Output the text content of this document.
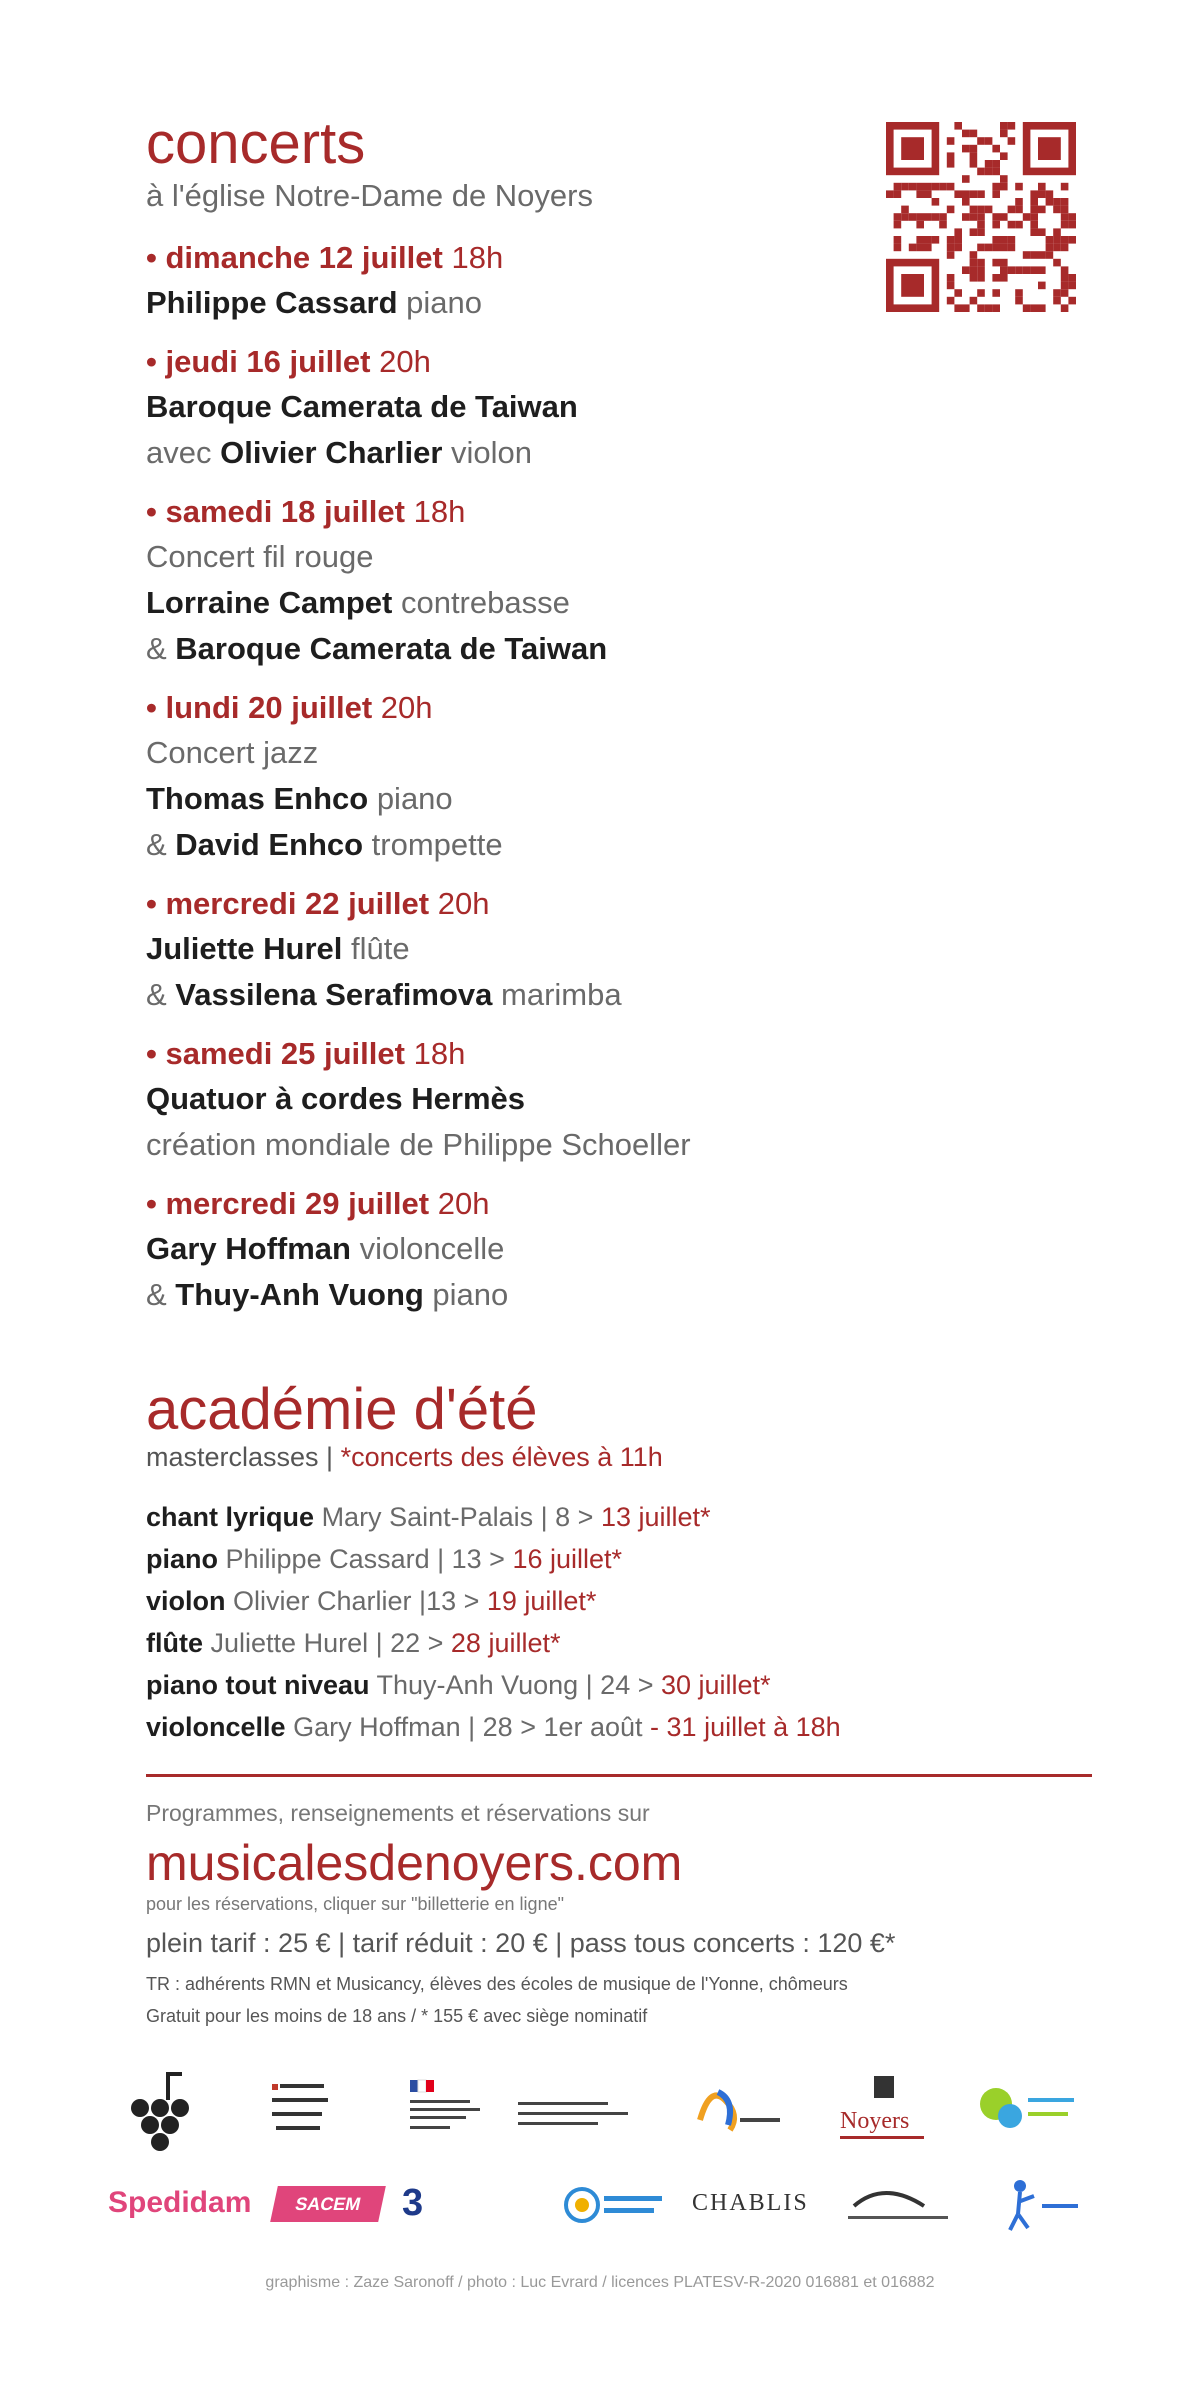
concerts
à l'église Notre-Dame de Noyers
• dimanche 12 juillet 18h
Philippe Cassard piano
• jeudi 16 juillet 20h
Baroque Camerata de Taiwan
avec Olivier Charlier violon
• samedi 18 juillet 18h
Concert fil rouge
Lorraine Campet contrebasse
& Baroque Camerata de Taiwan
• lundi 20 juillet 20h
Concert jazz
Thomas Enhco piano
& David Enhco trompette
• mercredi 22 juillet 20h
Juliette Hurel flûte
& Vassilena Serafimova marimba
• samedi 25 juillet 18h
Quatuor à cordes Hermès
création mondiale de Philippe Schoeller
• mercredi 29 juillet 20h
Gary Hoffman violoncelle
& Thuy-Anh Vuong piano
académie d'été
masterclasses | *concerts des élèves à 11h
chant lyrique Mary Saint-Palais | 8 > 13 juillet*
piano Philippe Cassard | 13 > 16 juillet*
violon Olivier Charlier |13 > 19 juillet*
flûte Juliette Hurel | 22 > 28 juillet*
piano tout niveau Thuy-Anh Vuong | 24 > 30 juillet*
violoncelle Gary Hoffman | 28 > 1er août - 31 juillet à 18h
Programmes, renseignements et réservations sur
musicalesdenoyers.com
pour les réservations, cliquer sur "billetterie en ligne"
plein tarif : 25 € | tarif réduit : 20 € | pass tous concerts : 120 €*
TR : adhérents RMN et Musicancy, élèves des écoles de musique de l'Yonne, chômeurs
Gratuit pour les moins de 18 ans / * 155 € avec siège nominatif
Noyers
Spedidam	SACEM	3	CHABLIS
graphisme : Zaze Saronoff / photo : Luc Evrard / licences PLATESV-R-2020 016881 et 016882
